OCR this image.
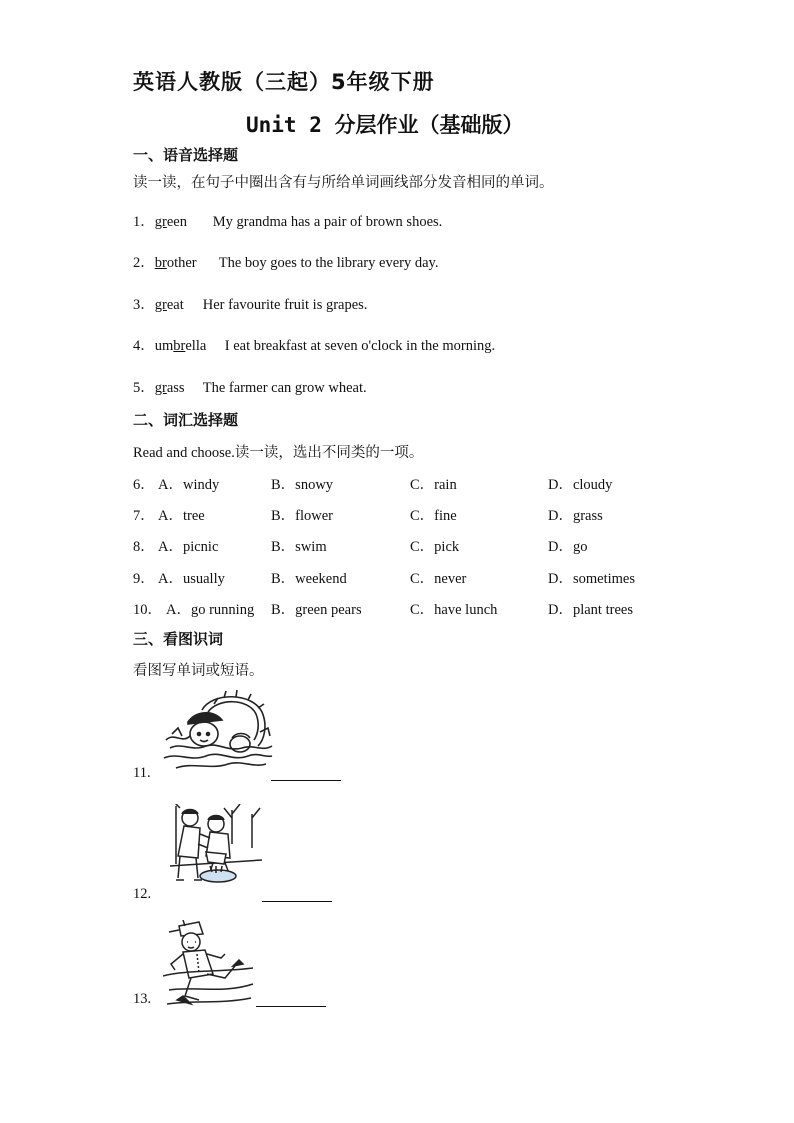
英语人教版（三起）5年级下册
Unit 2 分层作业（基础版）
一、语音选择题
读一读，在句子中圈出含有与所给单词画线部分发音相同的单词。
1．green My grandma has a pair of brown shoes.
2．brother The boy goes to the library every day.
3．great Her favourite fruit is grapes.
4．umbrella I eat breakfast at seven o'clock in the morning.
5．grass The farmer can grow wheat.
二、词汇选择题
Read and choose.读一读，选出不同类的一项。
6． A．windy	B．snowy	C．rain	D．cloudy
7． A．tree	B．flower	C．fine	D．grass
8． A．picnic	B．swim	C．pick	D．go
9． A．usually	B．weekend	C．never	D．sometimes
10． A．go running B．green pears	C．have lunch	D．plant trees
三、看图识词
看图写单词或短语。
11.
12.
13.
